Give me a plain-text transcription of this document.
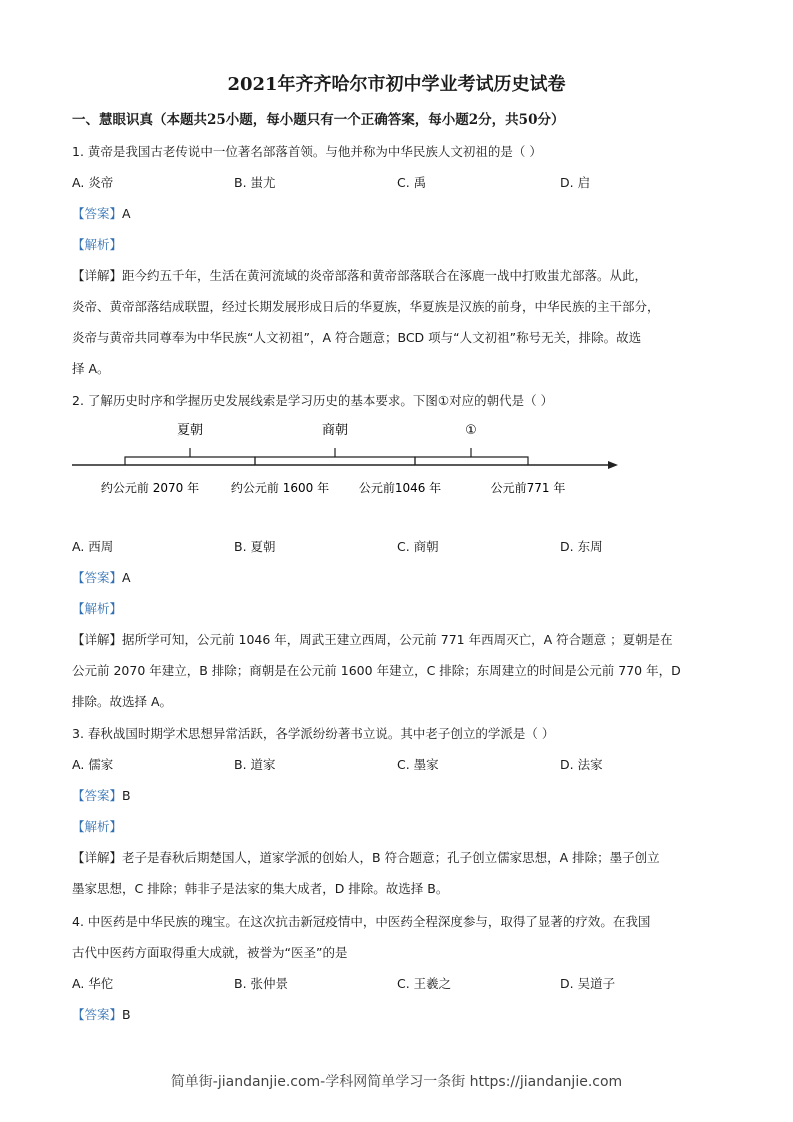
2021年齐齐哈尔市初中学业考试历史试卷
一、慧眼识真（本题共25小题，每小题只有一个正确答案，每小题2分，共50分）
1. 黄帝是我国古老传说中一位著名部落首领。与他并称为中华民族人文初祖的是（ ）
A. 炎帝	B. 蚩尤	C. 禹	D. 启
【答案】A
【解析】
【详解】距今约五千年，生活在黄河流域的炎帝部落和黄帝部落联合在涿鹿一战中打败蚩尤部落。从此，
炎帝、黄帝部落结成联盟，经过长期发展形成日后的华夏族，华夏族是汉族的前身，中华民族的主干部分，
炎帝与黄帝共同尊奉为中华民族“人文初祖”，A 符合题意；BCD 项与“人文初祖”称号无关，排除。故选
择 A。
2. 了解历史时序和学握历史发展线索是学习历史的基本要求。下图①对应的朝代是（ ）
夏朝	商朝	①
约公元前 2070 年	约公元前 1600 年 公元前1046 年	公元前771 年
A. 西周	B. 夏朝	C. 商朝	D. 东周
【答案】A
【解析】
【详解】据所学可知，公元前 1046 年，周武王建立西周，公元前 771 年西周灭亡，A 符合题意 ；夏朝是在
公元前 2070 年建立，B 排除；商朝是在公元前 1600 年建立，C 排除；东周建立的时间是公元前 770 年，D
排除。故选择 A。
3. 春秋战国时期学术思想异常活跃，各学派纷纷著书立说。其中老子创立的学派是（ ）
A. 儒家	B. 道家	C. 墨家	D. 法家
【答案】B
【解析】
【详解】老子是春秋后期楚国人，道家学派的创始人，B 符合题意；孔子创立儒家思想，A 排除；墨子创立
墨家思想，C 排除；韩非子是法家的集大成者，D 排除。故选择 B。
4. 中医药是中华民族的瑰宝。在这次抗击新冠疫情中，中医药全程深度参与，取得了显著的疗效。在我国
古代中医药方面取得重大成就，被誉为“医圣”的是
A. 华佗	B. 张仲景	C. 王羲之	D. 吴道子
【答案】B
简单街-jiandanjie.com-学科网简单学习一条街 https://jiandanjie.com
